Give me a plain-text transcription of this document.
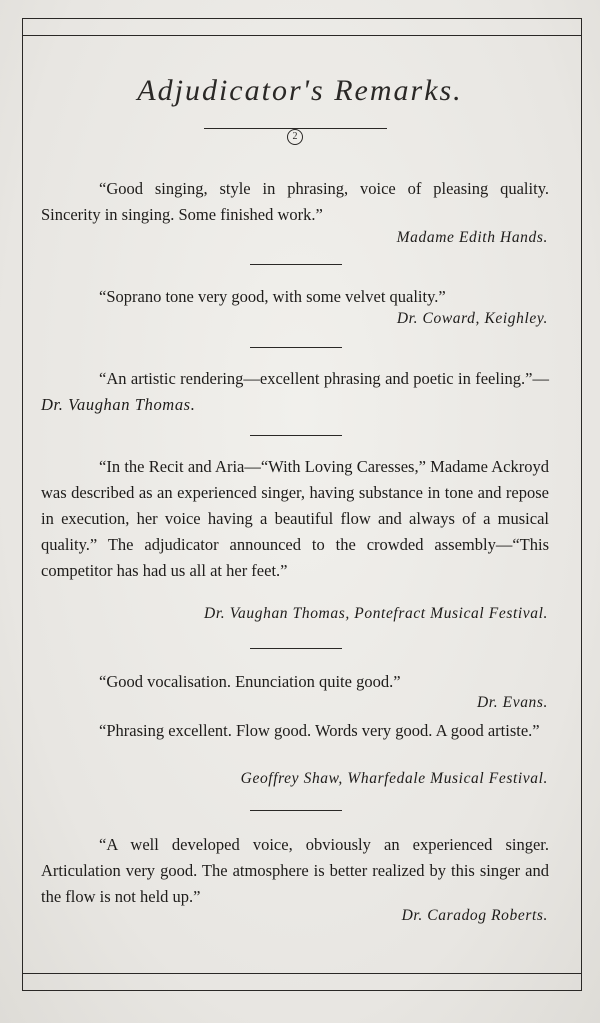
Adjudicator's Remarks.
2
“Good singing, style in phrasing, voice of pleasing quality. Sincerity in singing. Some finished work.”
Madame Edith Hands.
“Soprano tone very good, with some velvet quality.”
Dr. Coward, Keighley.
“An artistic rendering—excellent phrasing and poetic in feeling.”—Dr. Vaughan Thomas.
“In the Recit and Aria—“With Loving Caresses,” Madame Ackroyd was described as an experienced singer, having substance in tone and repose in execution, her voice having a beautiful flow and always of a musical quality.” The adjudicator announced to the crowded assembly—“This competitor has had us all at her feet.”
Dr. Vaughan Thomas, Pontefract Musical Festival.
“Good vocalisation. Enunciation quite good.”
Dr. Evans.
“Phrasing excellent. Flow good. Words very good. A good artiste.”
Geoffrey Shaw, Wharfedale Musical Festival.
“A well developed voice, obviously an experienced singer. Articulation very good. The atmosphere is better realized by this singer and the flow is not held up.”
Dr. Caradog Roberts.
